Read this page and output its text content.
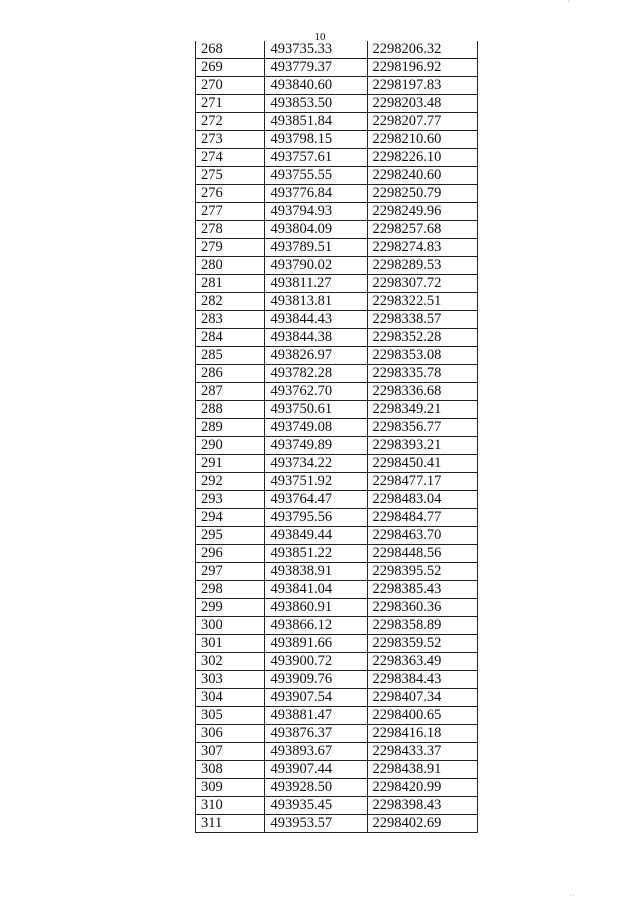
10
268	493735.33	2298206.32
269	493779.37	2298196.92
270	493840.60	2298197.83
271	493853.50	2298203.48
272	493851.84	2298207.77
273	493798.15	2298210.60
274	493757.61	2298226.10
275	493755.55	2298240.60
276	493776.84	2298250.79
277	493794.93	2298249.96
278	493804.09	2298257.68
279	493789.51	2298274.83
280	493790.02	2298289.53
281	493811.27	2298307.72
282	493813.81	2298322.51
283	493844.43	2298338.57
284	493844.38	2298352.28
285	493826.97	2298353.08
286	493782.28	2298335.78
287	493762.70	2298336.68
288	493750.61	2298349.21
289	493749.08	2298356.77
290	493749.89	2298393.21
291	493734.22	2298450.41
292	493751.92	2298477.17
293	493764.47	2298483.04
294	493795.56	2298484.77
295	493849.44	2298463.70
296	493851.22	2298448.56
297	493838.91	2298395.52
298	493841.04	2298385.43
299	493860.91	2298360.36
300	493866.12	2298358.89
301	493891.66	2298359.52
302	493900.72	2298363.49
303	493909.76	2298384.43
304	493907.54	2298407.34
305	493881.47	2298400.65
306	493876.37	2298416.18
307	493893.67	2298433.37
308	493907.44	2298438.91
309	493928.50	2298420.99
310	493935.45	2298398.43
311	493953.57	2298402.69
'
' '
